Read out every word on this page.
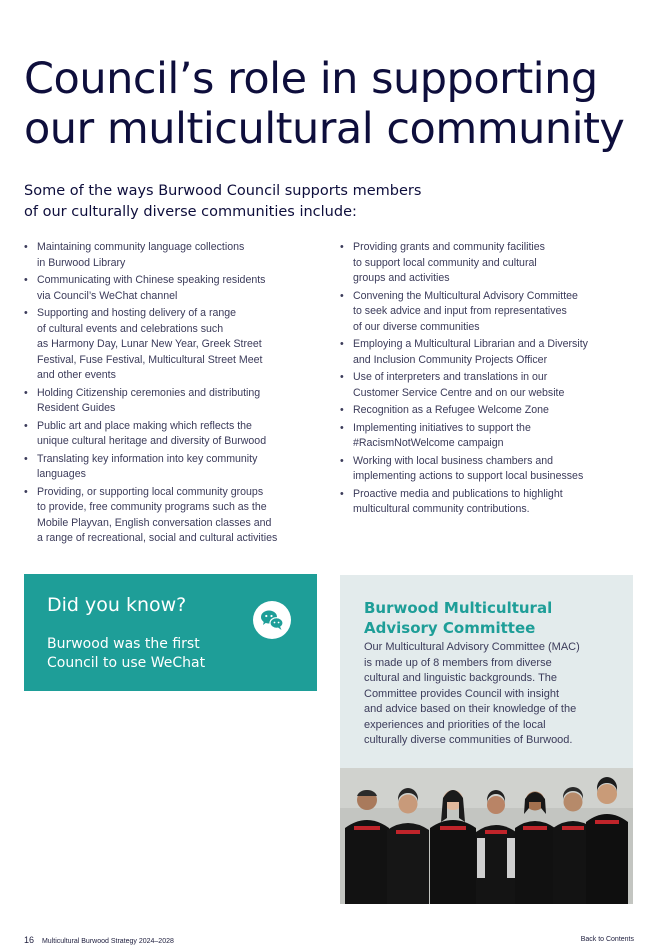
Council’s role in supporting
our multicultural community
Some of the ways Burwood Council supports members
of our culturally diverse communities include:
• Maintaining community language collections
in Burwood Library
• Communicating with Chinese speaking residents
via Council’s WeChat channel
• Supporting and hosting delivery of a range
of cultural events and celebrations such
as Harmony Day, Lunar New Year, Greek Street
Festival, Fuse Festival, Multicultural Street Meet
and other events
• Holding Citizenship ceremonies and distributing
Resident Guides
• Public art and place making which reflects the
unique cultural heritage and diversity of Burwood
• Translating key information into key community
languages
• Providing, or supporting local community groups
to provide, free community programs such as the
Mobile Playvan, English conversation classes and
a range of recreational, social and cultural activities
• Providing grants and community facilities
to support local community and cultural
groups and activities
• Convening the Multicultural Advisory Committee
to seek advice and input from representatives
of our diverse communities
• Employing a Multicultural Librarian and a Diversity
and Inclusion Community Projects Officer
• Use of interpreters and translations in our
Customer Service Centre and on our website
• Recognition as a Refugee Welcome Zone
• Implementing initiatives to support the
#RacismNotWelcome campaign
• Working with local business chambers and
implementing actions to support local businesses
• Proactive media and publications to highlight
multicultural community contributions.
Did you know?
Burwood was the first
Council to use WeChat
Burwood Multicultural
Advisory Committee
Our Multicultural Advisory Committee (MAC)
is made up of 8 members from diverse
cultural and linguistic backgrounds. The
Committee provides Council with insight
and advice based on their knowledge of the
experiences and priorities of the local
culturally diverse communities of Burwood.
16 Multicultural Burwood Strategy 2024–2028	Back to Contents
